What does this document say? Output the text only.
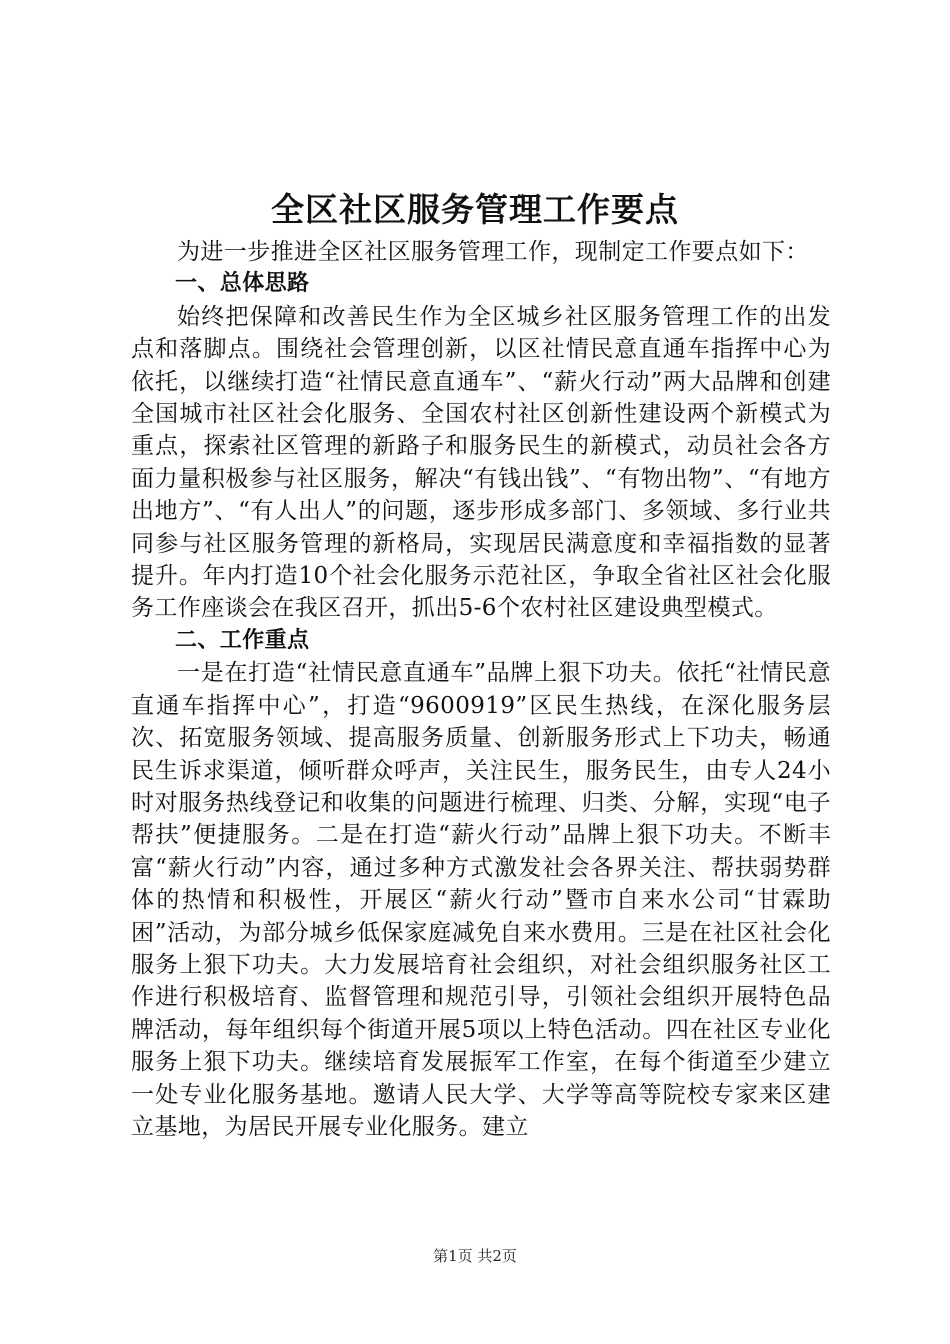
全区社区服务管理工作要点

为进一步推进全区社区服务管理工作，现制定工作要点如下：

一、总体思路

始终把保障和改善民生作为全区城乡社区服务管理工作的出发点和落脚点。围绕社会管理创新，以区社情民意直通车指挥中心为依托，以继续打造“社情民意直通车”、“薪火行动”两大品牌和创建全国城市社区社会化服务、全国农村社区创新性建设两个新模式为重点，探索社区管理的新路子和服务民生的新模式，动员社会各方面力量积极参与社区服务，解决“有钱出钱”、“有物出物”、“有地方出地方”、“有人出人”的问题，逐步形成多部门、多领域、多行业共同参与社区服务管理的新格局，实现居民满意度和幸福指数的显著提升。年内打造10个社会化服务示范社区，争取全省社区社会化服务工作座谈会在我区召开，抓出5-6个农村社区建设典型模式。

二、工作重点

一是在打造“社情民意直通车”品牌上狠下功夫。依托“社情民意直通车指挥中心”，打造“9600919”区民生热线，在深化服务层次、拓宽服务领域、提高服务质量、创新服务形式上下功夫，畅通民生诉求渠道，倾听群众呼声，关注民生，服务民生，由专人24小时对服务热线登记和收集的问题进行梳理、归类、分解，实现“电子帮扶”便捷服务。二是在打造“薪火行动”品牌上狠下功夫。不断丰富“薪火行动”内容，通过多种方式激发社会各界关注、帮扶弱势群体的热情和积极性，开展区“薪火行动”暨市自来水公司“甘霖助困”活动，为部分城乡低保家庭减免自来水费用。三是在社区社会化服务上狠下功夫。大力发展培育社会组织，对社会组织服务社区工作进行积极培育、监督管理和规范引导，引领社会组织开展特色品牌活动，每年组织每个街道开展5项以上特色活动。四在社区专业化服务上狠下功夫。继续培育发展振军工作室，在每个街道至少建立一处专业化服务基地。邀请人民大学、大学等高等院校专家来区建立基地，为居民开展专业化服务。建立

第1页 共2页
